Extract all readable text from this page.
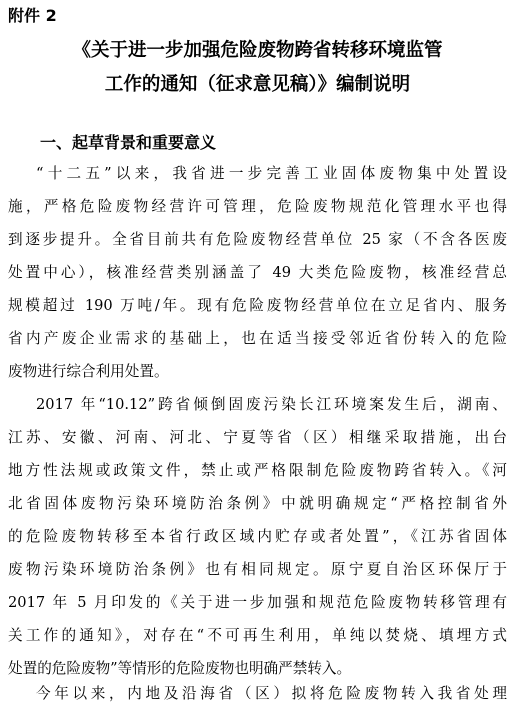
附件 2
《关于进一步加强危险废物跨省转移环境监管
工作的通知（征求意见稿）》编制说明
一、起草背景和重要意义
“十二五”以来，我省进一步完善工业固体废物集中处置设
施，严格危险废物经营许可管理，危险废物规范化管理水平也得
到逐步提升。全省目前共有危险废物经营单位 25 家（不含各医废
处置中心），核准经营类别涵盖了 49 大类危险废物，核准经营总
规模超过 190 万吨/年。现有危险废物经营单位在立足省内、服务
省内产废企业需求的基础上，也在适当接受邻近省份转入的危险
废物进行综合利用处置。
2017 年“10.12”跨省倾倒固废污染长江环境案发生后，湖南、
江苏、安徽、河南、河北、宁夏等省（区）相继采取措施，出台
地方性法规或政策文件，禁止或严格限制危险废物跨省转入。《河
北省固体废物污染环境防治条例》中就明确规定“严格控制省外
的危险废物转移至本省行政区域内贮存或者处置”，《江苏省固体
废物污染环境防治条例》也有相同规定。原宁夏自治区环保厅于
2017 年 5 月印发的《关于进一步加强和规范危险废物转移管理有
关工作的通知》，对存在“不可再生利用，单纯以焚烧、填埋方式
处置的危险废物”等情形的危险废物也明确严禁转入。
今年以来，内地及沿海省（区）拟将危险废物转入我省处理
